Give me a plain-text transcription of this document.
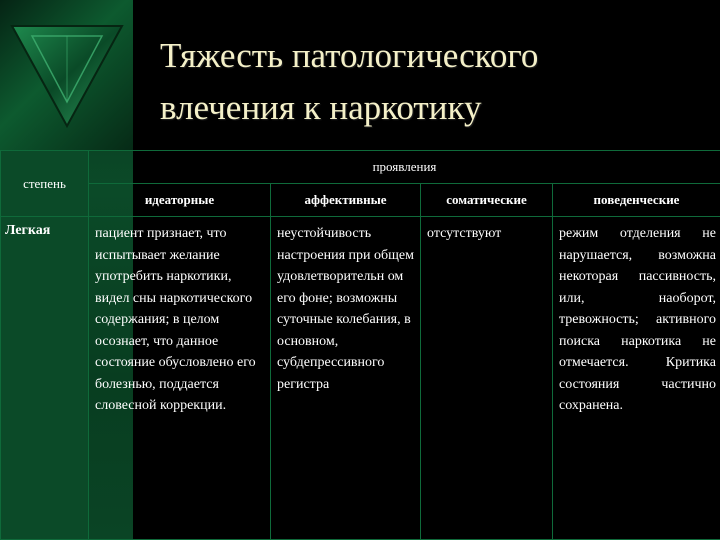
Тяжесть патологического
влечения к наркотику
степень	проявления			
	идеаторные	аффективные	соматические	поведенческие
Легкая	пациент признает, что испытывает желание употребить наркотики, видел сны наркотического содержания; в целом осознает, что данное состояние обусловлено его болезнью, поддается словесной коррекции.	неустойчивость настроения при общем удовлетворительн ом его фоне; возможны суточные колебания, в основном, субдепрессивного регистра	отсутствуют	режим отделения не нарушается, возможна некоторая пассивность, или, наоборот, тревожность; активного поиска наркотика не отмечается. Критика состояния частично сохранена.
